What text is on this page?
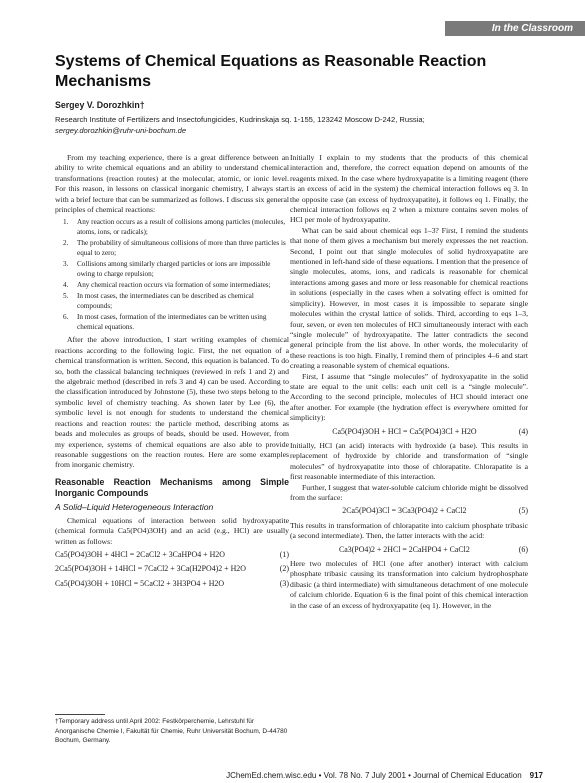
In the Classroom
Systems of Chemical Equations as Reasonable Reaction Mechanisms
Sergey V. Dorozhkin†
Research Institute of Fertilizers and Insectofungicides, Kudrinskaja sq. 1-155, 123242 Moscow D-242, Russia;
sergey.dorozhkin@ruhr-uni-bochum.de

From my teaching experience, there is a great difference between an ability to write chemical equations and an ability to understand chemical transformations (reaction routes) at the molecular, atomic, or ionic level. For this reason, in lessons on classical inorganic chemistry, I always start with a brief lecture that can be summarized as follows. I discuss six general principles of chemical reactions:

1.	Any reaction occurs as a result of collisions among particles (molecules, atoms, ions, or radicals);
2.	The probability of simultaneous collisions of more than three particles is equal to zero;
3.	Collisions among similarly charged particles or ions are impossible owing to charge repulsion;
4.	Any chemical reaction occurs via formation of some intermediates;
5.	In most cases, the intermediates can be described as chemical compounds;
6.	In most cases, formation of the intermediates can be written using chemical equations.

After the above introduction, I start writing examples of chemical reactions according to the following logic. First, the net equation of a chemical transformation is written. Second, this equation is balanced. To do so, both the classical balancing techniques (reviewed in refs 1 and 2) and the algebraic method (described in refs 3 and 4) can be used. According to the classification introduced by Johnstone (5), these two steps belong to the symbolic level of chemistry teaching. As shown later by Lee (6), the symbolic level is not enough for students to understand the chemical reactions and reaction routes: the particle method, describing atoms as beads and molecules as groups of beads, should be used. However, from my experience, systems of chemical equations are also able to provide reasonable suggestions on the reaction routes. Here are some examples from inorganic chemistry.

Reasonable Reaction Mechanisms among Simple Inorganic Compounds
A Solid–Liquid Heterogeneous Interaction

Chemical equations of interaction between solid hydroxyapatite (chemical formula Ca5(PO4)3OH) and an acid (e.g., HCl) are usually written as follows:

Ca5(PO4)3OH + 4HCl = 2CaCl2 + 3CaHPO4 + H2O	(1)
2Ca5(PO4)3OH + 14HCl = 7CaCl2 + 3Ca(H2PO4)2 + H2O	(2)
Ca5(PO4)3OH + 10HCl = 5CaCl2 + 3H3PO4 + H2O	(3)

Initially I explain to my students that the products of this chemical interaction and, therefore, the correct equation depend on amounts of the reagents mixed. In the case where hydroxyapatite is a limiting reagent (there is an excess of acid in the system) the chemical interaction follows eq 3. In the opposite case (an excess of hydroxyapatite), it follows eq 1. Finally, the chemical interaction follows eq 2 when a mixture contains seven moles of HCl per mole of hydroxyapatite.

What can be said about chemical eqs 1–3? First, I remind the students that none of them gives a mechanism but merely expresses the net reaction. Second, I point out that single molecules of solid hydroxyapatite are mentioned in left-hand side of these equations. I mention that the presence of single molecules, atoms, ions, and radicals is reasonable for chemical interactions among gases and more or less reasonable for chemical reactions in solutions (especially in the cases when a solvating effect is omitted for simplicity). However, in most cases it is impossible to separate single molecules within the crystal lattice of solids. Third, according to eqs 1–3, four, seven, or even ten molecules of HCl simultaneously interact with each “single molecule” of hydroxyapatite. The latter contradicts the second general principle from the list above. In other words, the molecularity of these reactions is too high. Finally, I remind them of principles 4–6 and start creating a reasonable system of chemical equations.

First, I assume that “single molecules” of hydroxyapatite in the solid state are equal to the unit cells: each unit cell is a “single molecule”. According to the second principle, molecules of HCl should interact one after another. For example (the hydration effect is everywhere omitted for simplicity):

Ca5(PO4)3OH + HCl = Ca5(PO4)3Cl + H2O	(4)

Initially, HCl (an acid) interacts with hydroxide (a base). This results in replacement of hydroxide by chloride and transformation of “single molecules” of hydroxyapatite into those of chlorapatite. Chlorapatite is a first reasonable intermediate of this interaction.

Further, I suggest that water-soluble calcium chloride might be dissolved from the surface:

2Ca5(PO4)3Cl = 3Ca3(PO4)2 + CaCl2	(5)

This results in transformation of chlorapatite into calcium phosphate tribasic (a second intermediate). Then, the latter interacts with the acid:

Ca3(PO4)2 + 2HCl = 2CaHPO4 + CaCl2	(6)

Here two molecules of HCl (one after another) interact with calcium phosphate tribasic causing its transformation into calcium hydrophosphate dibasic (a third intermediate) with simultaneous detachment of one molecule of calcium chloride. Equation 6 is the final point of this chemical interaction in the case of an excess of hydroxyapatite (eq 1). However, in the

†Temporary address until April 2002: Festkörperchemie, Lehrstuhl für Anorganische Chemie I, Fakultät für Chemie, Ruhr Universität Bochum, D-44780 Bochum, Germany.
JChemEd.chem.wisc.edu • Vol. 78 No. 7 July 2001 • Journal of Chemical Education 917
